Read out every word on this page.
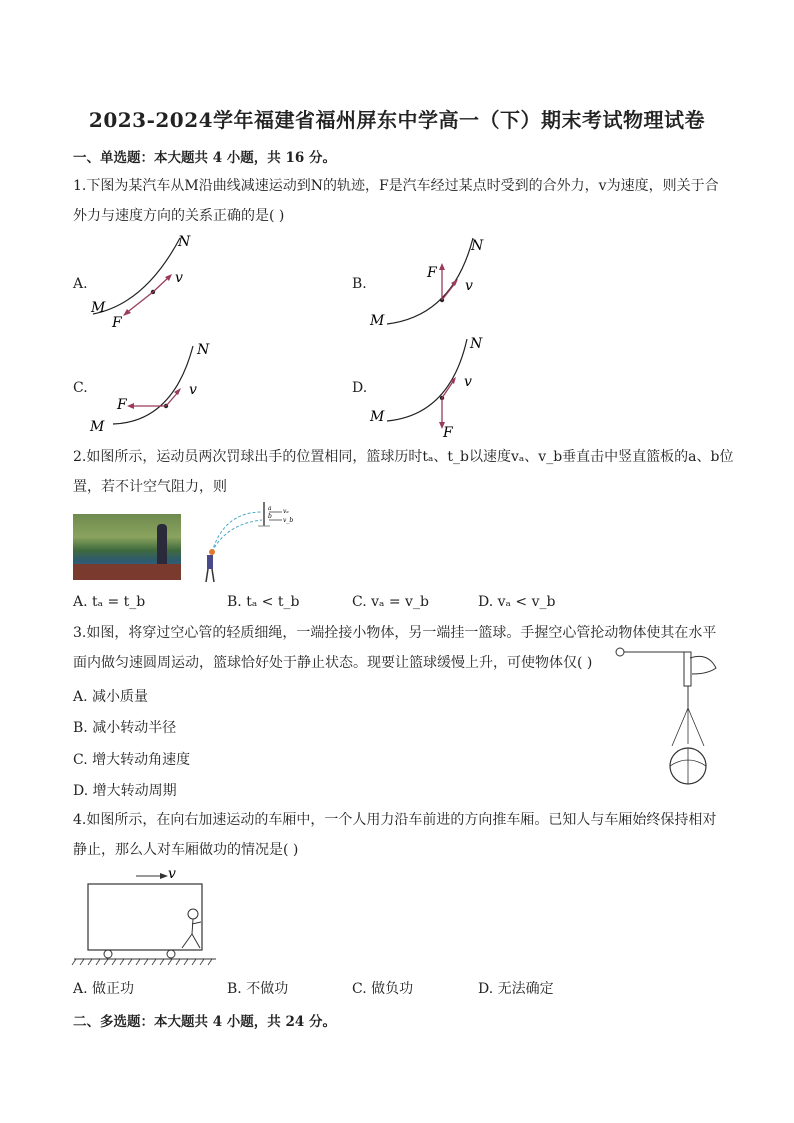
2023-2024学年福建省福州屏东中学高一（下）期末考试物理试卷
一、单选题：本大题共 4 小题，共 16 分。
1.下图为某汽车从M沿曲线减速运动到N的轨迹，F是汽车经过某点时受到的合外力，v为速度，则关于合
外力与速度方向的关系正确的是( )
A.
N
v
M
F
B.
N
F
v
M
C.
N
F
v
M
D.
N
v
M
F
2.如图所示，运动员两次罚球出手的位置相同，篮球历时tₐ、t_b以速度vₐ、v_b垂直击中竖直篮板的a、b位
置，若不计空气阻力，则
a
b
vₐ
v_b
A. tₐ = t_b	B. tₐ < t_b	C. vₐ = v_b	D. vₐ < v_b
3.如图，将穿过空心管的轻质细绳，一端拴接小物体，另一端挂一篮球。手握空心管抡动物体使其在水平
面内做匀速圆周运动，篮球恰好处于静止状态。现要让篮球缓慢上升，可使物体仅( )
A. 减小质量
B. 减小转动半径
C. 增大转动角速度
D. 增大转动周期
4.如图所示，在向右加速运动的车厢中，一个人用力沿车前进的方向推车厢。已知人与车厢始终保持相对
静止，那么人对车厢做功的情况是( )
v
A. 做正功	B. 不做功	C. 做负功	D. 无法确定
二、多选题：本大题共 4 小题，共 24 分。
